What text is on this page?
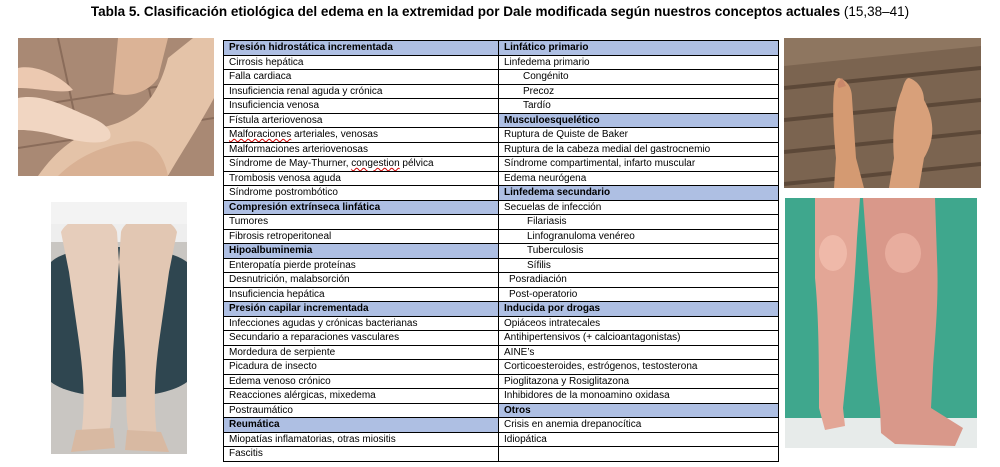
Tabla 5. Clasificación etiológica del edema en la extremidad por Dale modificada según nuestros conceptos actuales (15,38–41)
Presión hidrostática incrementada	Linfático primario
Cirrosis hepática	Linfedema primario
Falla cardiaca	Congénito
Insuficiencia renal aguda y crónica	Precoz
Insuficiencia venosa	Tardío
Fístula arteriovenosa	Musculoesquelético
Malforaciones arteriales, venosas	Ruptura de Quiste de Baker
Malformaciones arteriovenosas	Ruptura de la cabeza medial del gastrocnemio
Síndrome de May-Thurner, congestion pélvica	Síndrome compartimental, infarto muscular
Trombosis venosa aguda	Edema neurógena
Síndrome postrombótico	Linfedema secundario
Compresión extrínseca linfática	Secuelas de infección
Tumores	Filariasis
Fibrosis retroperitoneal	Linfogranuloma venéreo
Hipoalbuminemia	Tuberculosis
Enteropatía pierde proteínas	Sífilis
Desnutrición, malabsorción	Posradiación
Insuficiencia hepática	Post-operatorio
Presión capilar incrementada	Inducida por drogas
Infecciones agudas y crónicas bacterianas	Opiáceos intratecales
Secundario a reparaciones vasculares	Antihipertensivos (+ calcioantagonistas)
Mordedura de serpiente	AINE’s
Picadura de insecto	Corticoesteroides, estrógenos, testosterona
Edema venoso crónico	Pioglitazona y Rosiglitazona
Reacciones alérgicas, mixedema	Inhibidores de la monoamino oxidasa
Postraumático	Otros
Reumática	Crisis en anemia drepanocítica
Miopatías inflamatorias, otras miositis	Idiopática
Fascitis	
